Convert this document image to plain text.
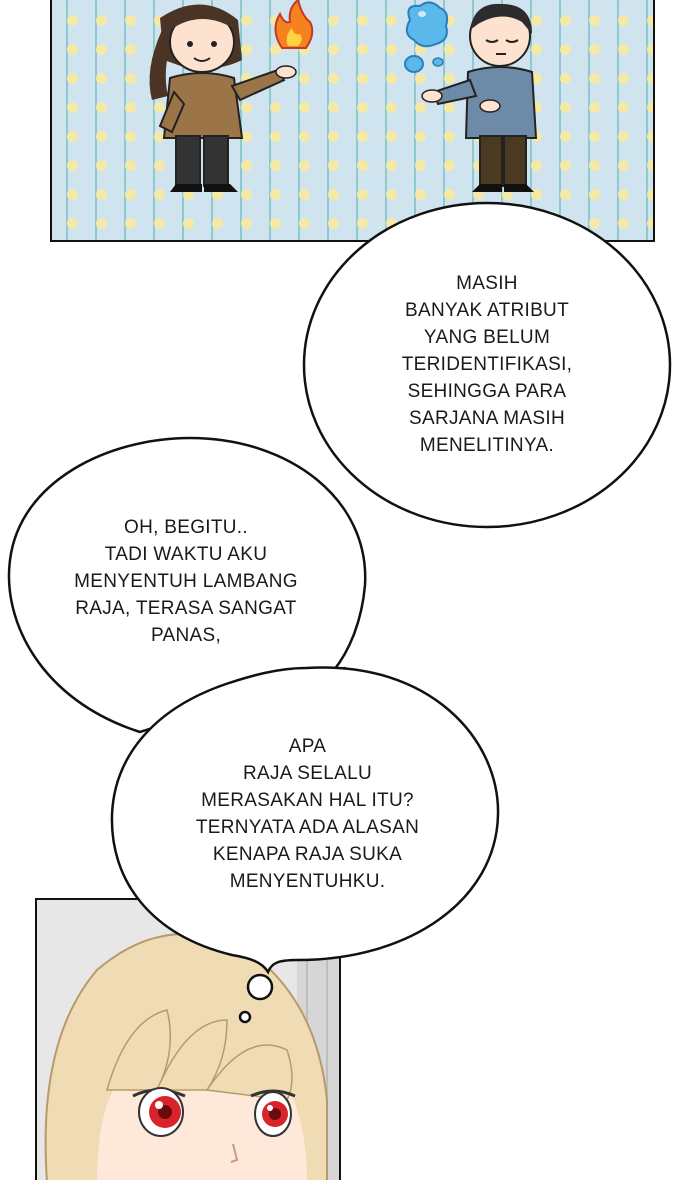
MASIH
BANYAK ATRIBUT
YANG BELUM
TERIDENTIFIKASI,
SEHINGGA PARA
SARJANA MASIH
MENELITINYA.

OH, BEGITU..
TADI WAKTU AKU
MENYENTUH LAMBANG
RAJA, TERASA SANGAT
PANAS,

APA
RAJA SELALU
MERASAKAN HAL ITU?
TERNYATA ADA ALASAN
KENAPA RAJA SUKA
MENYENTUHKU.
